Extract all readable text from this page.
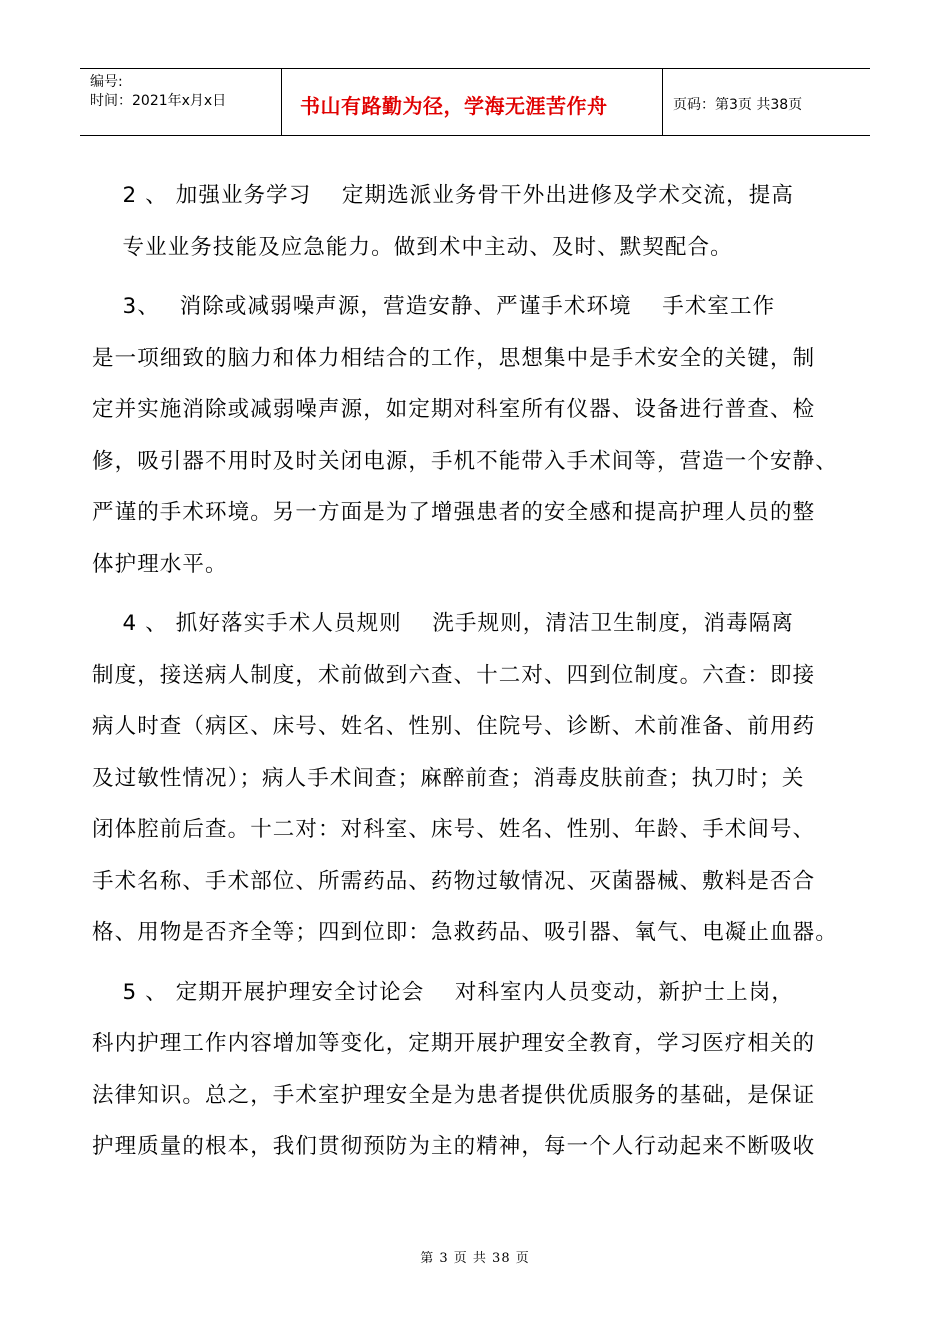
编号:
时间：2021年x月x日	书山有路勤为径，学海无涯苦作舟	页码：第3页 共38页
　 2 、 加强业务学习　 定期选派业务骨干外出进修及学术交流，提高
　 专业业务技能及应急能力。做到术中主动、及时、默契配合。
　 3、　 消除或减弱噪声源，营造安静、严谨手术环境　 手术室工作
是一项细致的脑力和体力相结合的工作，思想集中是手术安全的关键，制
定并实施消除或减弱噪声源，如定期对科室所有仪器、设备进行普查、检
修，吸引器不用时及时关闭电源，手机不能带入手术间等，营造一个安静、
严谨的手术环境。另一方面是为了增强患者的安全感和提高护理人员的整
体护理水平。
　 4 、 抓好落实手术人员规则　 洗手规则，清洁卫生制度，消毒隔离
制度，接送病人制度，术前做到六查、十二对、四到位制度。六查：即接
病人时查（病区、床号、姓名、性别、住院号、诊断、术前准备、前用药
及过敏性情况）；病人手术间查；麻醉前查；消毒皮肤前查；执刀时；关
闭体腔前后查。十二对：对科室、床号、姓名、性别、年龄、手术间号、
手术名称、手术部位、所需药品、药物过敏情况、灭菌器械、敷料是否合
格、用物是否齐全等；四到位即：急救药品、吸引器、氧气、电凝止血器。
　 5 、 定期开展护理安全讨论会　 对科室内人员变动，新护士上岗，
科内护理工作内容增加等变化，定期开展护理安全教育，学习医疗相关的
法律知识。总之，手术室护理安全是为患者提供优质服务的基础，是保证
护理质量的根本，我们贯彻预防为主的精神，每一个人行动起来不断吸收
第 3 页 共 38 页
